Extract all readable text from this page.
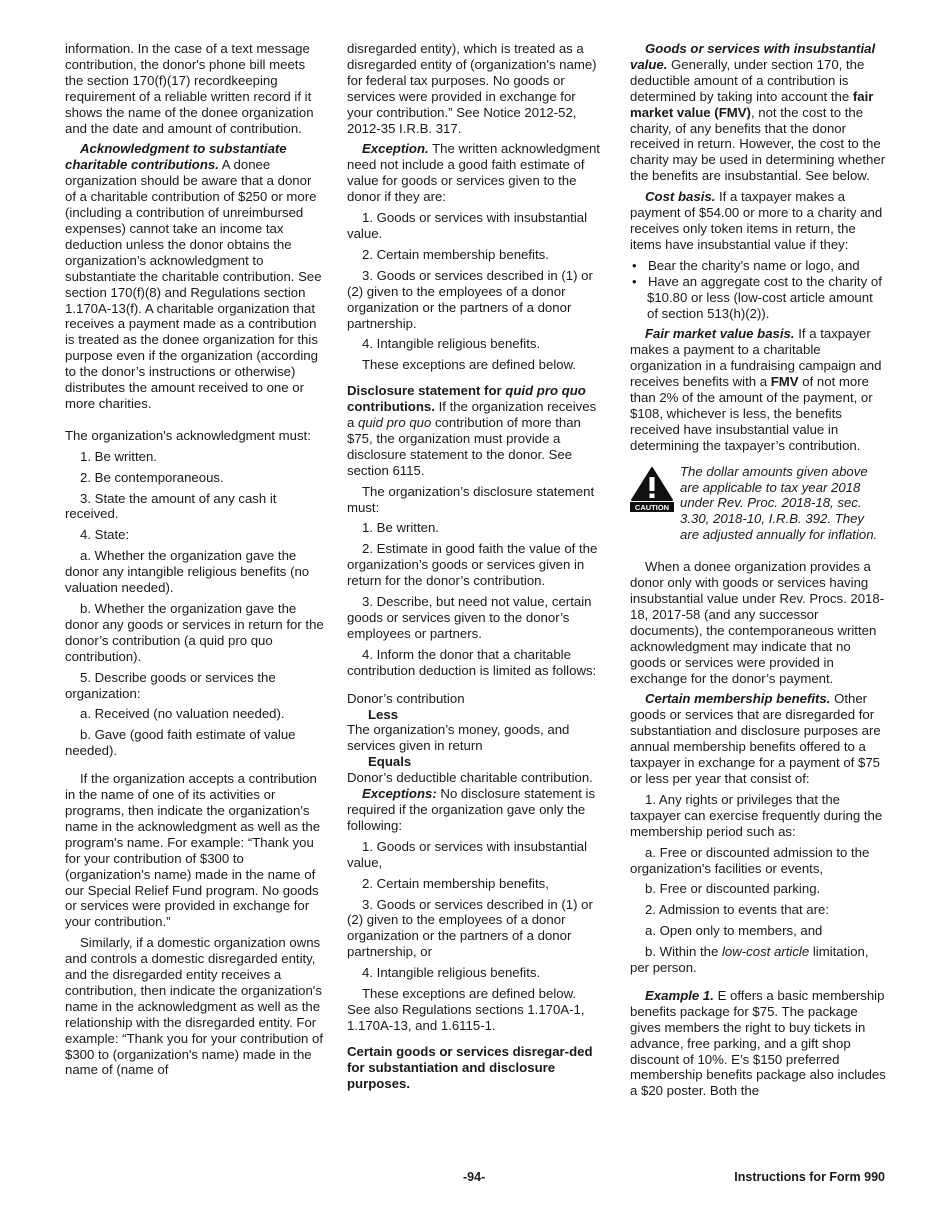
information. In the case of a text message contribution, the donor's phone bill meets the section 170(f)(17) recordkeeping requirement of a reliable written record if it shows the name of the donee organization and the date and amount of contribution.

Acknowledgment to substantiate charitable contributions. A donee organization should be aware that a donor of a charitable contribution of $250 or more (including a contribution of unreimbursed expenses) cannot take an income tax deduction unless the donor obtains the organization’s acknowledgment to substantiate the charitable contribution. See section 170(f)(8) and Regulations section 1.170A-13(f). A charitable organization that receives a payment made as a contribution is treated as the donee organization for this purpose even if the organization (according to the donor’s instructions or otherwise) distributes the amount received to one or more charities.

The organization's acknowledgment must:

1. Be written.

2. Be contemporaneous.

3. State the amount of any cash it received.

4. State:

a. Whether the organization gave the donor any intangible religious benefits (no valuation needed).

b. Whether the organization gave the donor any goods or services in return for the donor’s contribution (a quid pro quo contribution).

5. Describe goods or services the organization:

a. Received (no valuation needed).

b. Gave (good faith estimate of value needed).

If the organization accepts a contribution in the name of one of its activities or programs, then indicate the organization's name in the acknowledgment as well as the program's name. For example: “Thank you for your contribution of $300 to (organization's name) made in the name of our Special Relief Fund program. No goods or services were provided in exchange for your contribution.”

Similarly, if a domestic organization owns and controls a domestic disregarded entity, and the disregarded entity receives a contribution, then indicate the organization's name in the acknowledgment as well as the relationship with the disregarded entity. For example: “Thank you for your contribution of $300 to (organization's name) made in the name of (name of

disregarded entity), which is treated as a disregarded entity of (organization's name) for federal tax purposes. No goods or services were provided in exchange for your contribution.” See Notice 2012-52, 2012-35 I.R.B. 317.

Exception. The written acknowledgment need not include a good faith estimate of value for goods or services given to the donor if they are:

1. Goods or services with insubstantial value.

2. Certain membership benefits.

3. Goods or services described in (1) or (2) given to the employees of a donor organization or the partners of a donor partnership.

4. Intangible religious benefits.

These exceptions are defined below.

Disclosure statement for quid pro quo contributions. If the organization receives a quid pro quo contribution of more than $75, the organization must provide a disclosure statement to the donor. See section 6115.

The organization’s disclosure statement must:

1. Be written.

2. Estimate in good faith the value of the organization’s goods or services given in return for the donor’s contribution.

3. Describe, but need not value, certain goods or services given to the donor’s employees or partners.

4. Inform the donor that a charitable contribution deduction is limited as follows:

Donor’s contribution

Less

The organization’s money, goods, and services given in return

Equals

Donor’s deductible charitable contribution.

Exceptions: No disclosure statement is required if the organization gave only the following:

1. Goods or services with insubstantial value,

2. Certain membership benefits,

3. Goods or services described in (1) or (2) given to the employees of a donor organization or the partners of a donor partnership, or

4. Intangible religious benefits.

These exceptions are defined below. See also Regulations sections 1.170A-1, 1.170A-13, and 1.6115-1.

Certain goods or services disregar-ded for substantiation and disclosure purposes.

Goods or services with insubstantial value. Generally, under section 170, the deductible amount of a contribution is determined by taking into account the fair market value (FMV), not the cost to the charity, of any benefits that the donor received in return. However, the cost to the charity may be used in determining whether the benefits are insubstantial. See below.

Cost basis. If a taxpayer makes a payment of $54.00 or more to a charity and receives only token items in return, the items have insubstantial value if they:

• Bear the charity’s name or logo, and

• Have an aggregate cost to the charity of $10.80 or less (low-cost article amount of section 513(h)(2)).

Fair market value basis. If a taxpayer makes a payment to a charitable organization in a fundraising campaign and receives benefits with a FMV of not more than 2% of the amount of the payment, or $108, whichever is less, the benefits received have insubstantial value in determining the taxpayer’s contribution.

CAUTION
The dollar amounts given above are applicable to tax year 2018 under Rev. Proc. 2018-18, sec. 3.30, 2018-10, I.R.B. 392. They are adjusted annually for inflation.

When a donee organization provides a donor only with goods or services having insubstantial value under Rev. Procs. 2018-18, 2017-58 (and any successor documents), the contemporaneous written acknowledgment may indicate that no goods or services were provided in exchange for the donor’s payment.

Certain membership benefits. Other goods or services that are disregarded for substantiation and disclosure purposes are annual membership benefits offered to a taxpayer in exchange for a payment of $75 or less per year that consist of:

1. Any rights or privileges that the taxpayer can exercise frequently during the membership period such as:

a. Free or discounted admission to the organization's facilities or events,

b. Free or discounted parking.

2. Admission to events that are:

a. Open only to members, and

b. Within the low-cost article limitation, per person.

Example 1. E offers a basic membership benefits package for $75. The package gives members the right to buy tickets in advance, free parking, and a gift shop discount of 10%. E’s $150 preferred membership benefits package also includes a $20 poster. Both the

-94-	Instructions for Form 990
